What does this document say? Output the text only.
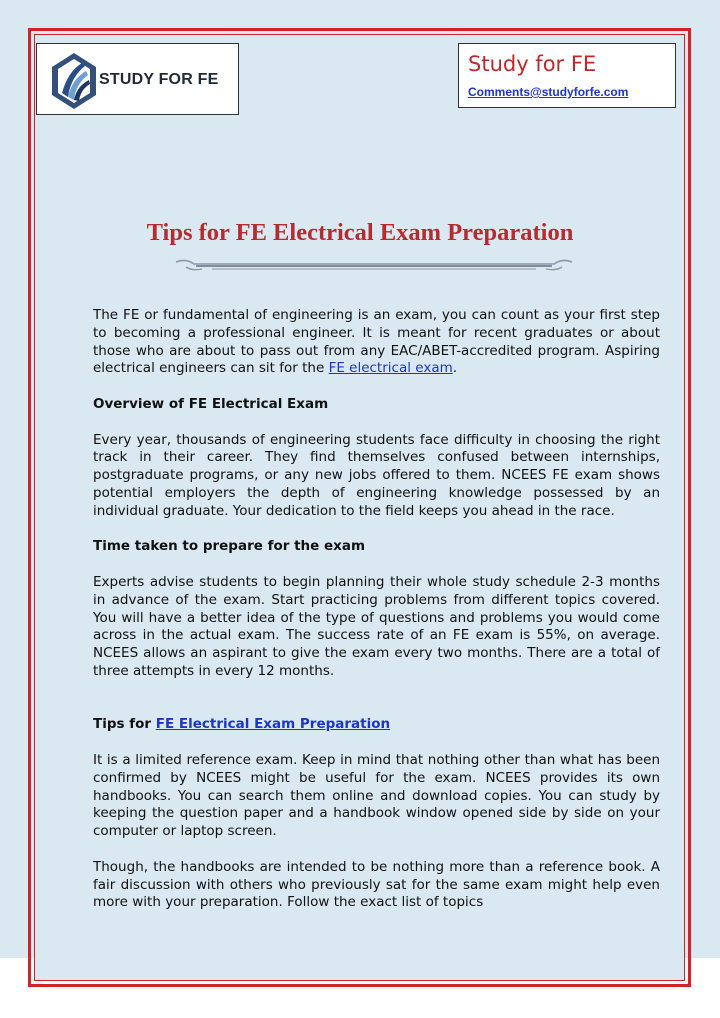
STUDY FOR FE
Study for FE
Comments@studyforfe.com
Tips for FE Electrical Exam Preparation

The FE or fundamental of engineering is an exam, you can count as your first step to becoming a professional engineer. It is meant for recent graduates or about those who are about to pass out from any EAC/ABET-accredited program. Aspiring electrical engineers can sit for the FE electrical exam.

Overview of FE Electrical Exam

Every year, thousands of engineering students face difficulty in choosing the right track in their career. They find themselves confused between internships, postgraduate programs, or any new jobs offered to them. NCEES FE exam shows potential employers the depth of engineering knowledge possessed by an individual graduate. Your dedication to the field keeps you ahead in the race.

Time taken to prepare for the exam

Experts advise students to begin planning their whole study schedule 2-3 months in advance of the exam. Start practicing problems from different topics covered. You will have a better idea of the type of questions and problems you would come across in the actual exam. The success rate of an FE exam is 55%, on average. NCEES allows an aspirant to give the exam every two months. There are a total of three attempts in every 12 months.

Tips for FE Electrical Exam Preparation

It is a limited reference exam. Keep in mind that nothing other than what has been confirmed by NCEES might be useful for the exam. NCEES provides its own handbooks. You can search them online and download copies. You can study by keeping the question paper and a handbook window opened side by side on your computer or laptop screen.

Though, the handbooks are intended to be nothing more than a reference book. A fair discussion with others who previously sat for the same exam might help even more with your preparation. Follow the exact list of topics
